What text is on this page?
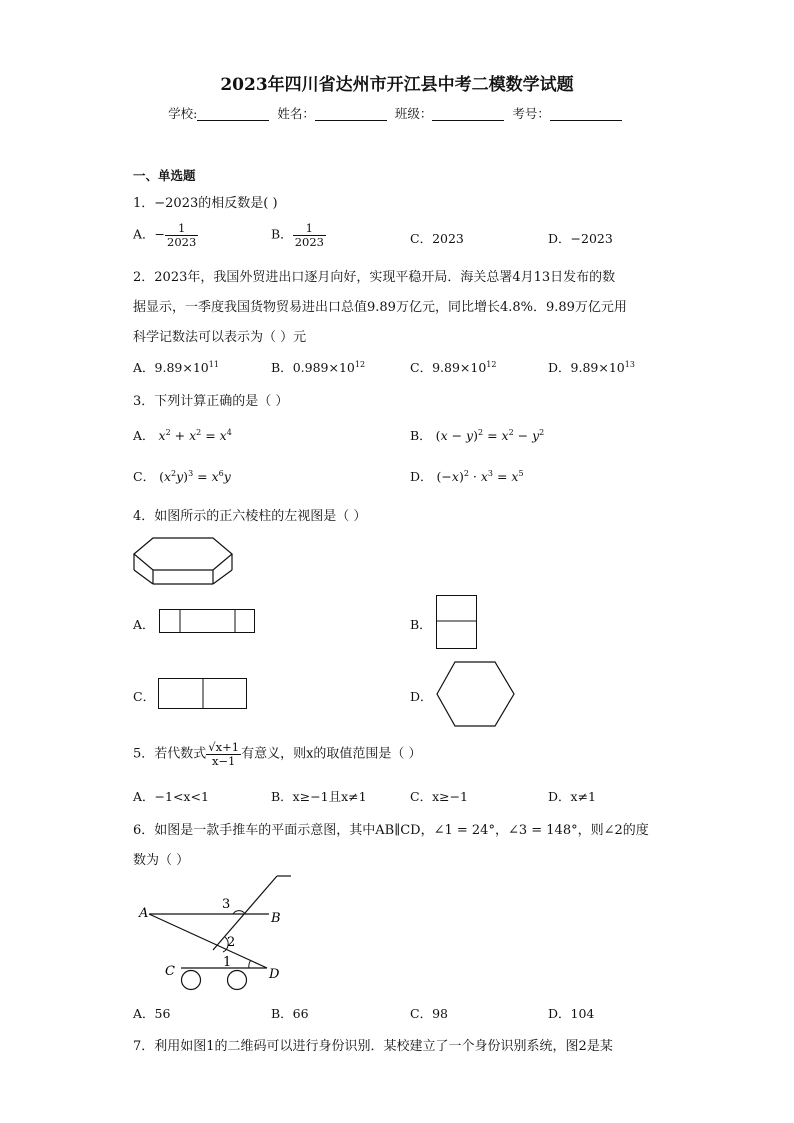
2023年四川省达州市开江县中考二模数学试题
学校:	姓名：	班级：	考号：
一、单选题
1．−2023的相反数是( )
A．− $\frac{1}{2023}$	B． $\frac{1}{2023}$	C．2023	D．−2023
2．2023年，我国外贸进出口逐月向好，实现平稳开局．海关总署4月13日发布的数
据显示，一季度我国货物贸易进出口总值9.89万亿元，同比增长4.8%．9.89万亿元用
科学记数法可以表示为（ ）元
A．$9.89\times 10^{11}$	B．$0.989\times 10^{12}$	C．$9.89\times 10^{12}$	D．$9.89\times 10^{13}$
3．下列计算正确的是（ ）
A． $x^2 + x^2 = x^4$	B． $(x - y)^2 = x^2 - y^2$
C． $(x^2y)^3 = x^6y$	D． $(-x)^2 \cdot x^3 = x^5$
4．如图所示的正六棱柱的左视图是（ ）
A．	B．
C．	D．
5．若代数式 $\frac{√x+1}{x-1}$ 有意义，则x的取值范围是（ ）
A．−1<x<1	B．x≥−1且x≠1	C．x≥−1	D．x≠1
6．如图是一款手推车的平面示意图，其中AB∥CD，∠1 = 24°，∠3 = 148°，则∠2的度
数为（ ）
A	B
C	D
3
2
1
A．56	B．66	C．98	D．104
7．利用如图1的二维码可以进行身份识别．某校建立了一个身份识别系统，图2是某
